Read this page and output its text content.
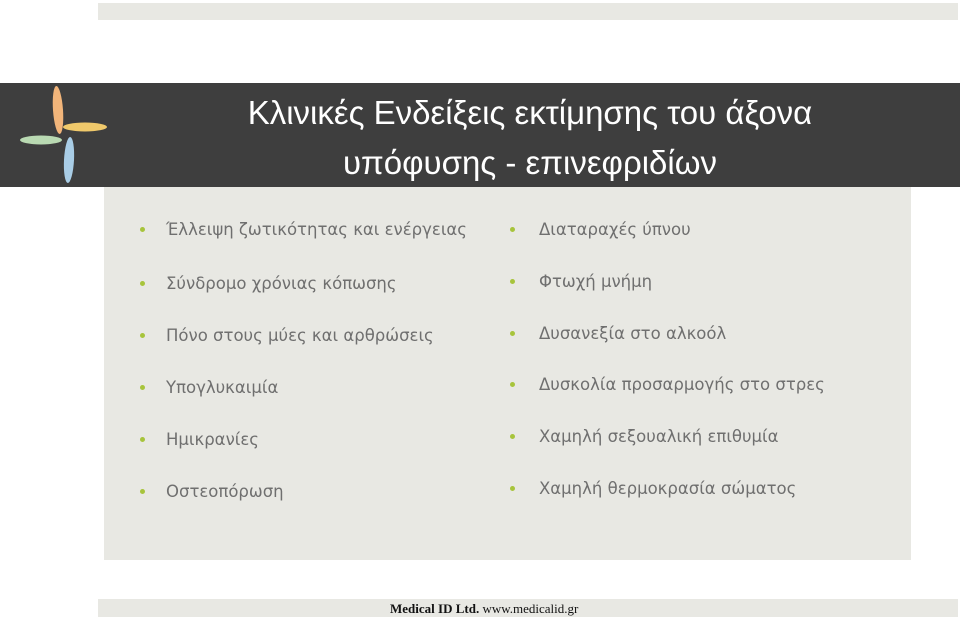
Κλινικές Ενδείξεις εκτίμησης του άξονα
υπόφυσης - επινεφριδίων
Έλλειψη ζωτικότητας και ενέργειας
Σύνδρομο χρόνιας κόπωσης
Πόνο στους μύες και αρθρώσεις
Υπογλυκαιμία
Ημικρανίες
Οστεοπόρωση
Διαταραχές ύπνου
Φτωχή μνήμη
Δυσανεξία στο αλκοόλ
Δυσκολία προσαρμογής στο στρες
Χαμηλή σεξουαλική επιθυμία
Χαμηλή θερμοκρασία σώματος
Medical ID Ltd. www.medicalid.gr
